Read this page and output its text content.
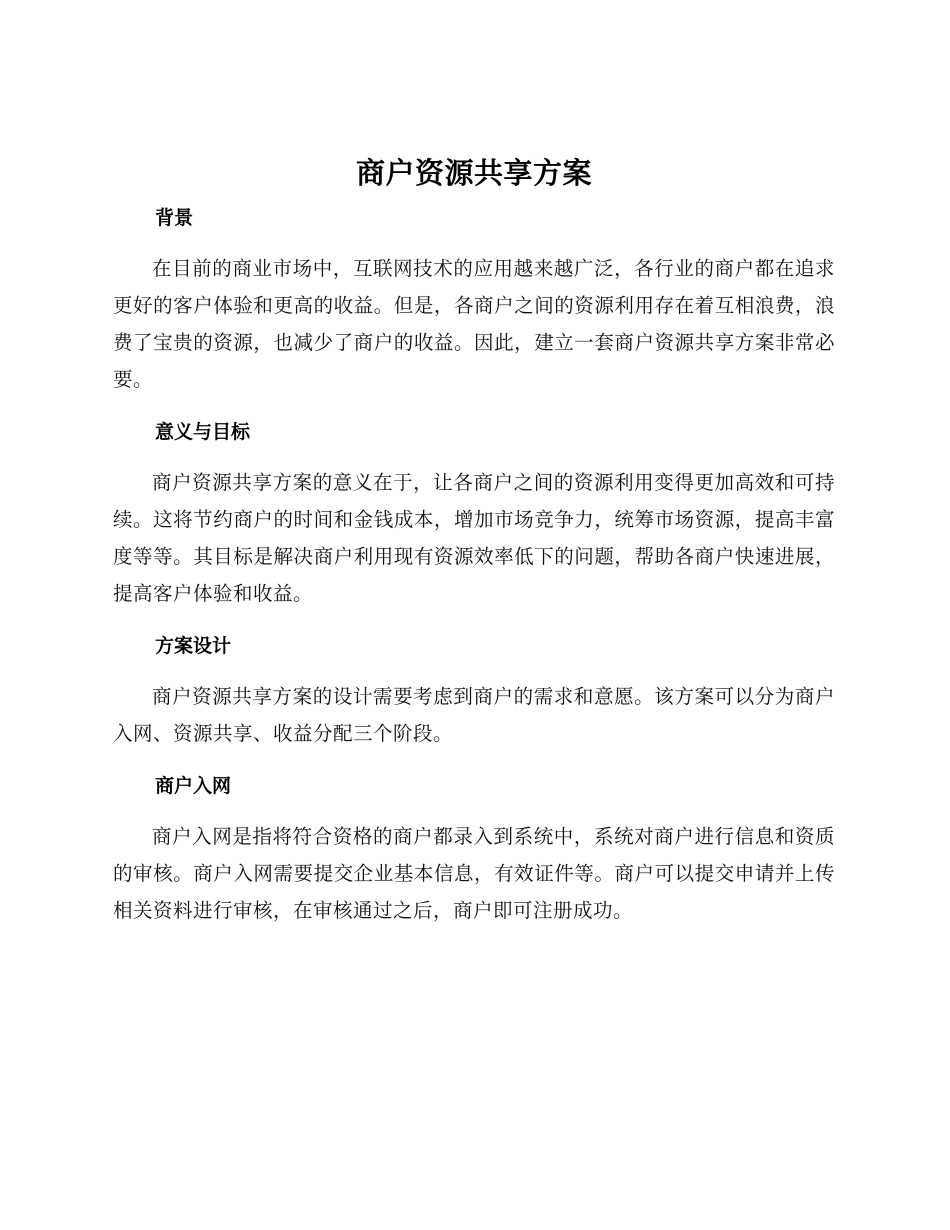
商户资源共享方案
背景

在目前的商业市场中，互联网技术的应用越来越广泛，各行业的商户都在追求更好的客户体验和更高的收益。但是，各商户之间的资源利用存在着互相浪费，浪费了宝贵的资源，也减少了商户的收益。因此，建立一套商户资源共享方案非常必要。

意义与目标

商户资源共享方案的意义在于，让各商户之间的资源利用变得更加高效和可持续。这将节约商户的时间和金钱成本，增加市场竞争力，统筹市场资源，提高丰富度等等。其目标是解决商户利用现有资源效率低下的问题，帮助各商户快速进展，提高客户体验和收益。

方案设计

商户资源共享方案的设计需要考虑到商户的需求和意愿。该方案可以分为商户入网、资源共享、收益分配三个阶段。

商户入网

商户入网是指将符合资格的商户都录入到系统中，系统对商户进行信息和资质的审核。商户入网需要提交企业基本信息，有效证件等。商户可以提交申请并上传相关资料进行审核，在审核通过之后，商户即可注册成功。
